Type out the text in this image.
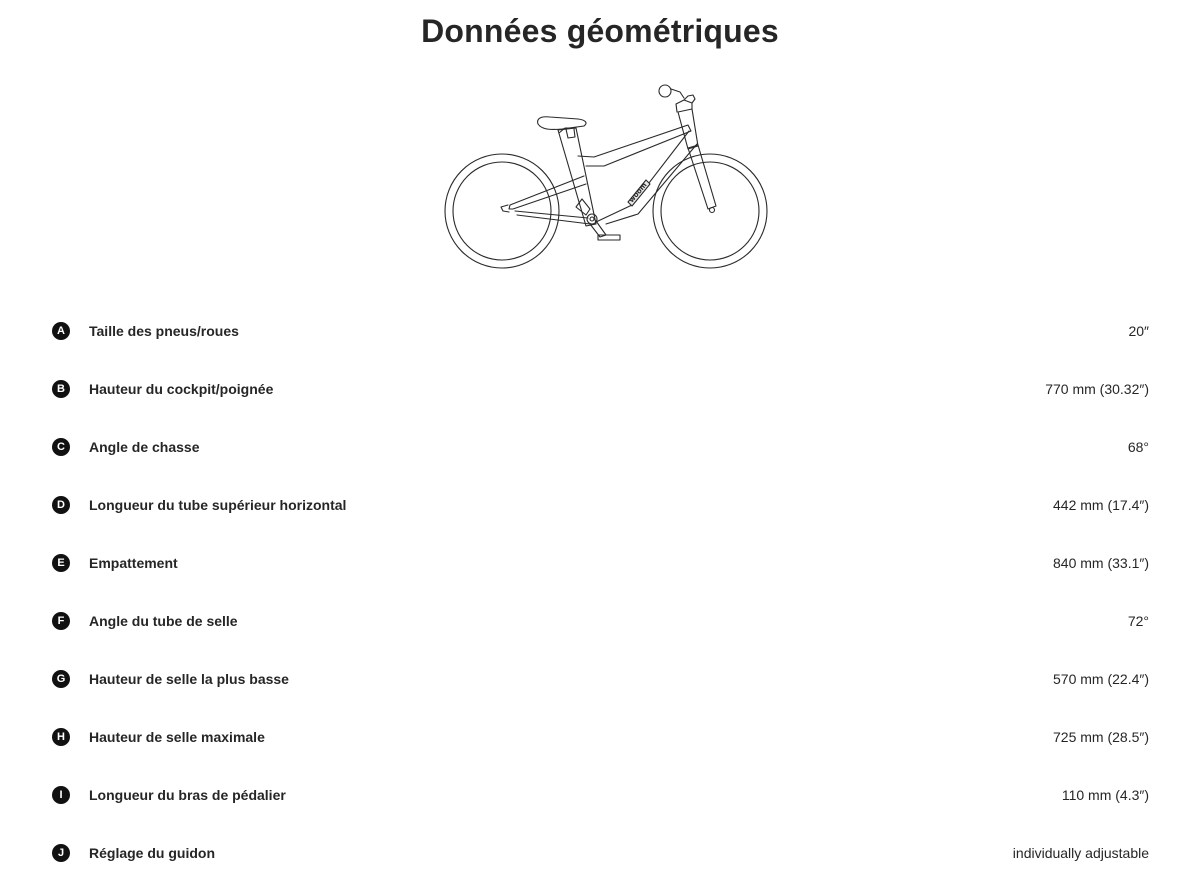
Données géométriques
woom
A	Taille des pneus/roues	20″
B	Hauteur du cockpit/poignée	770 mm (30.32″)
C	Angle de chasse	68°
D	Longueur du tube supérieur horizontal	442 mm (17.4″)
E	Empattement	840 mm (33.1″)
F	Angle du tube de selle	72°
G	Hauteur de selle la plus basse	570 mm (22.4″)
H	Hauteur de selle maximale	725 mm (28.5″)
I	Longueur du bras de pédalier	110 mm (4.3″)
J	Réglage du guidon	individually adjustable
